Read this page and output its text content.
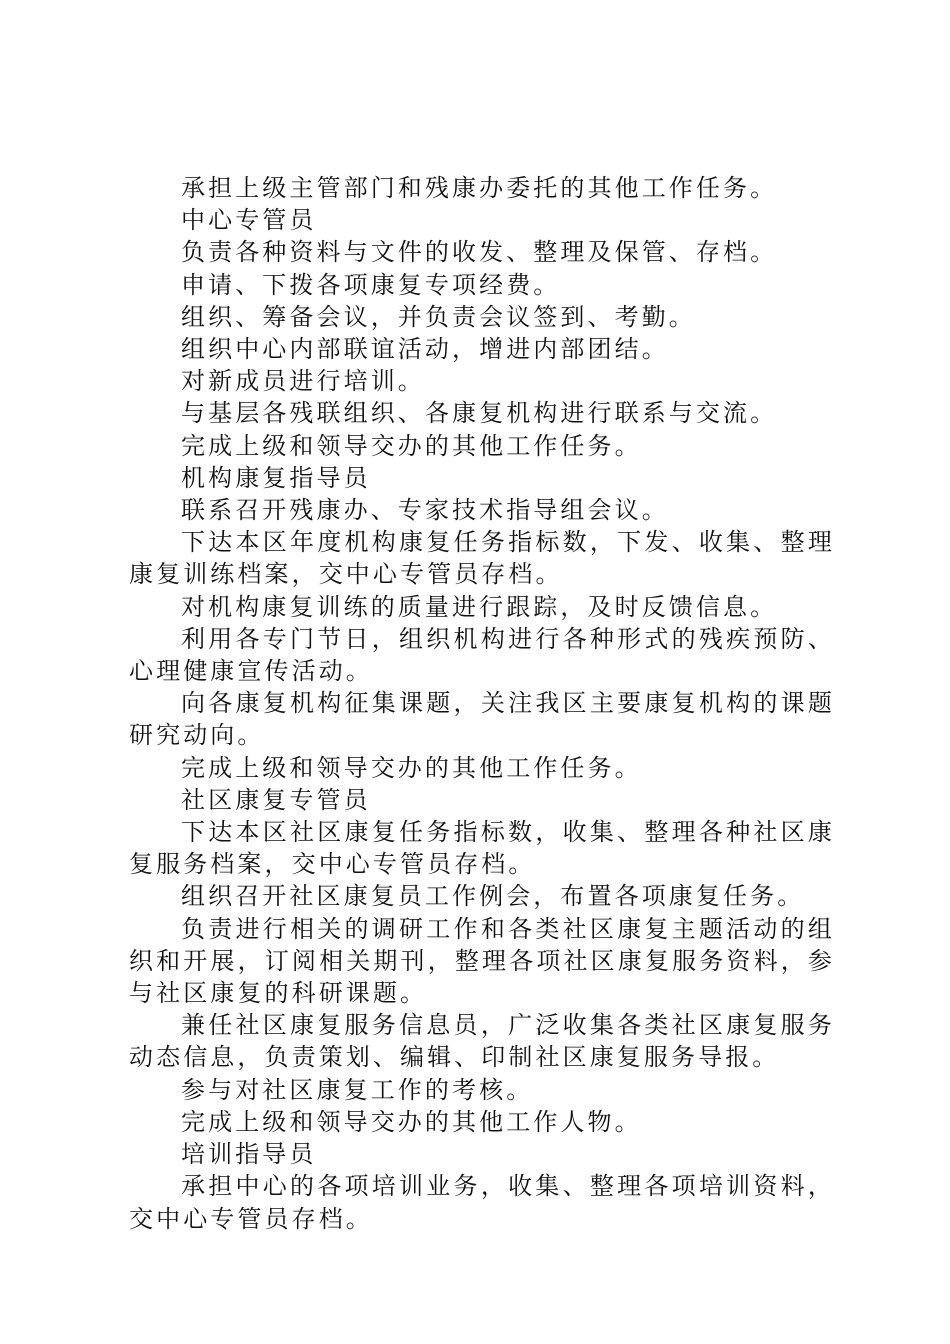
承担上级主管部门和残康办委托的其他工作任务。

中心专管员

负责各种资料与文件的收发、整理及保管、存档。

申请、下拨各项康复专项经费。

组织、筹备会议，并负责会议签到、考勤。

组织中心内部联谊活动，增进内部团结。

对新成员进行培训。

与基层各残联组织、各康复机构进行联系与交流。

完成上级和领导交办的其他工作任务。

机构康复指导员

联系召开残康办、专家技术指导组会议。

下达本区年度机构康复任务指标数，下发、收集、整理康复训练档案，交中心专管员存档。

对机构康复训练的质量进行跟踪，及时反馈信息。

利用各专门节日，组织机构进行各种形式的残疾预防、心理健康宣传活动。

向各康复机构征集课题，关注我区主要康复机构的课题研究动向。

完成上级和领导交办的其他工作任务。

社区康复专管员

下达本区社区康复任务指标数，收集、整理各种社区康复服务档案，交中心专管员存档。

组织召开社区康复员工作例会，布置各项康复任务。

负责进行相关的调研工作和各类社区康复主题活动的组织和开展，订阅相关期刊，整理各项社区康复服务资料，参与社区康复的科研课题。

兼任社区康复服务信息员，广泛收集各类社区康复服务动态信息，负责策划、编辑、印制社区康复服务导报。

参与对社区康复工作的考核。

完成上级和领导交办的其他工作人物。

培训指导员

承担中心的各项培训业务，收集、整理各项培训资料，交中心专管员存档。
